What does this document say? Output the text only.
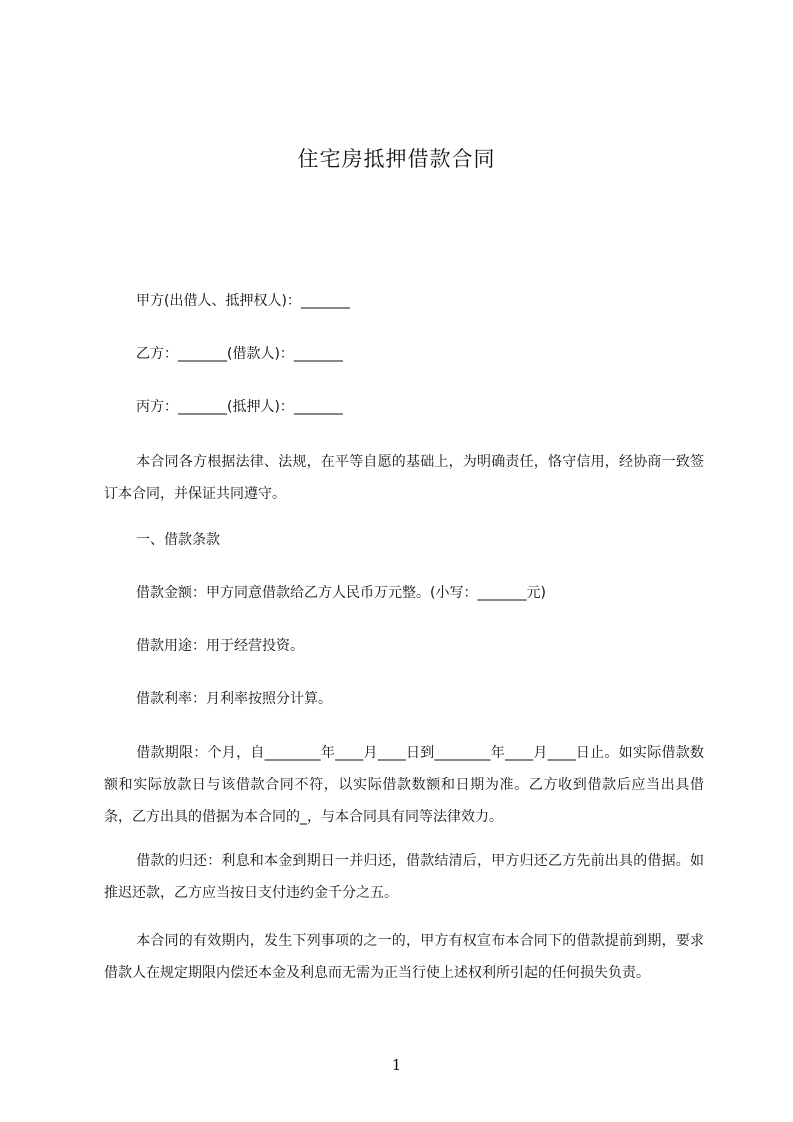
住宅房抵押借款合同

甲方(出借人、抵押权人)：_______

乙方：_______(借款人)：_______

丙方：_______(抵押人)：_______

本合同各方根据法律、法规，在平等自愿的基础上，为明确责任，恪守信用，经协商一致签订本合同，并保证共同遵守。

一、借款条款

借款金额：甲方同意借款给乙方人民币万元整。(小写：_______元)

借款用途：用于经营投资。

借款利率：月利率按照分计算。

借款期限：个月，自________年____月____日到________年____月____日止。如实际借款数额和实际放款日与该借款合同不符，以实际借款数额和日期为准。乙方收到借款后应当出具借条，乙方出具的借据为本合同的_，与本合同具有同等法律效力。

借款的归还：利息和本金到期日一并归还，借款结清后，甲方归还乙方先前出具的借据。如推迟还款，乙方应当按日支付违约金千分之五。

本合同的有效期内，发生下列事项的之一的，甲方有权宣布本合同下的借款提前到期，要求借款人在规定期限内偿还本金及利息而无需为正当行使上述权利所引起的任何损失负责。

1
